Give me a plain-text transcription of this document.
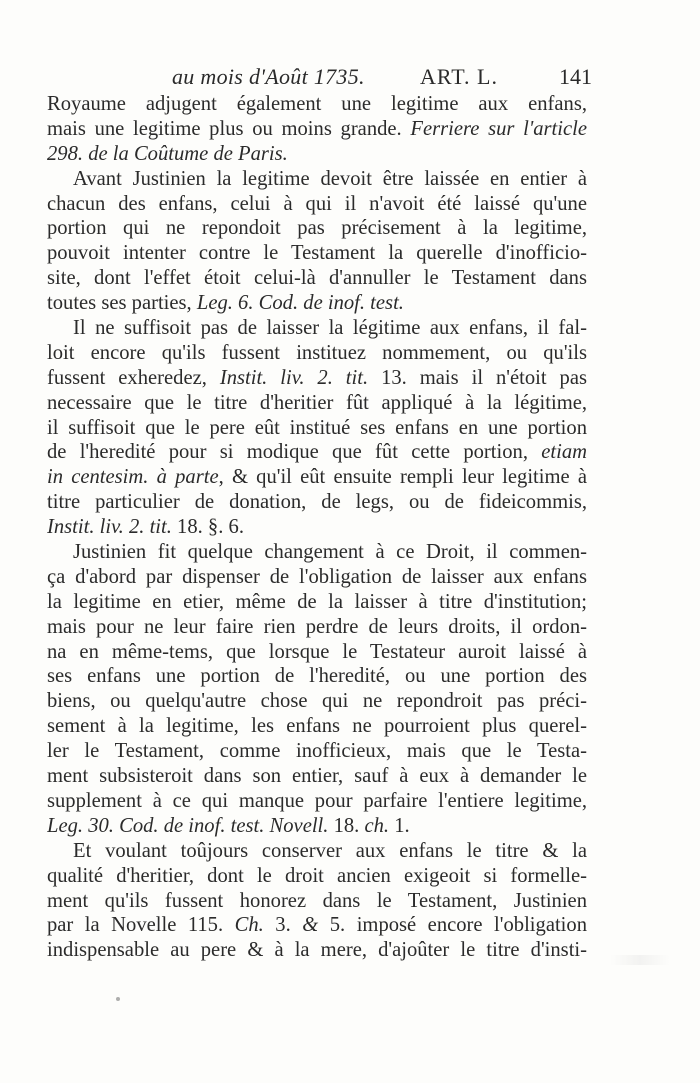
au mois d'Août 1735.	ART. L.	141
Royaume adjugent également une legitime aux enfans,
mais une legitime plus ou moins grande. Ferriere sur l'article
298. de la Coûtume de Paris.
Avant Justinien la legitime devoit être laissée en entier à
chacun des enfans, celui à qui il n'avoit été laissé qu'une
portion qui ne repondoit pas précisement à la legitime,
pouvoit intenter contre le Testament la querelle d'inofficio-
site, dont l'effet étoit celui-là d'annuller le Testament dans
toutes ses parties, Leg. 6. Cod. de inof. test.
Il ne suffisoit pas de laisser la légitime aux enfans, il fal-
loit encore qu'ils fussent instituez nommement, ou qu'ils
fussent exheredez, Instit. liv. 2. tit. 13. mais il n'étoit pas
necessaire que le titre d'heritier fût appliqué à la légitime,
il suffisoit que le pere eût institué ses enfans en une portion
de l'heredité pour si modique que fût cette portion, etiam
in centesim. à parte, & qu'il eût ensuite rempli leur legitime à
titre particulier de donation, de legs, ou de fideicommis,
Instit. liv. 2. tit. 18. §. 6.
Justinien fit quelque changement à ce Droit, il commen-
ça d'abord par dispenser de l'obligation de laisser aux enfans
la legitime en etier, même de la laisser à titre d'institution;
mais pour ne leur faire rien perdre de leurs droits, il ordon-
na en même-tems, que lorsque le Testateur auroit laissé à
ses enfans une portion de l'heredité, ou une portion des
biens, ou quelqu'autre chose qui ne repondroit pas préci-
sement à la legitime, les enfans ne pourroient plus querel-
ler le Testament, comme inofficieux, mais que le Testa-
ment subsisteroit dans son entier, sauf à eux à demander le
supplement à ce qui manque pour parfaire l'entiere legitime,
Leg. 30. Cod. de inof. test. Novell. 18. ch. 1.
Et voulant toûjours conserver aux enfans le titre & la
qualité d'heritier, dont le droit ancien exigeoit si formelle-
ment qu'ils fussent honorez dans le Testament, Justinien
par la Novelle 115. Ch. 3. & 5. imposé encore l'obligation
indispensable au pere & à la mere, d'ajoûter le titre d'insti-
